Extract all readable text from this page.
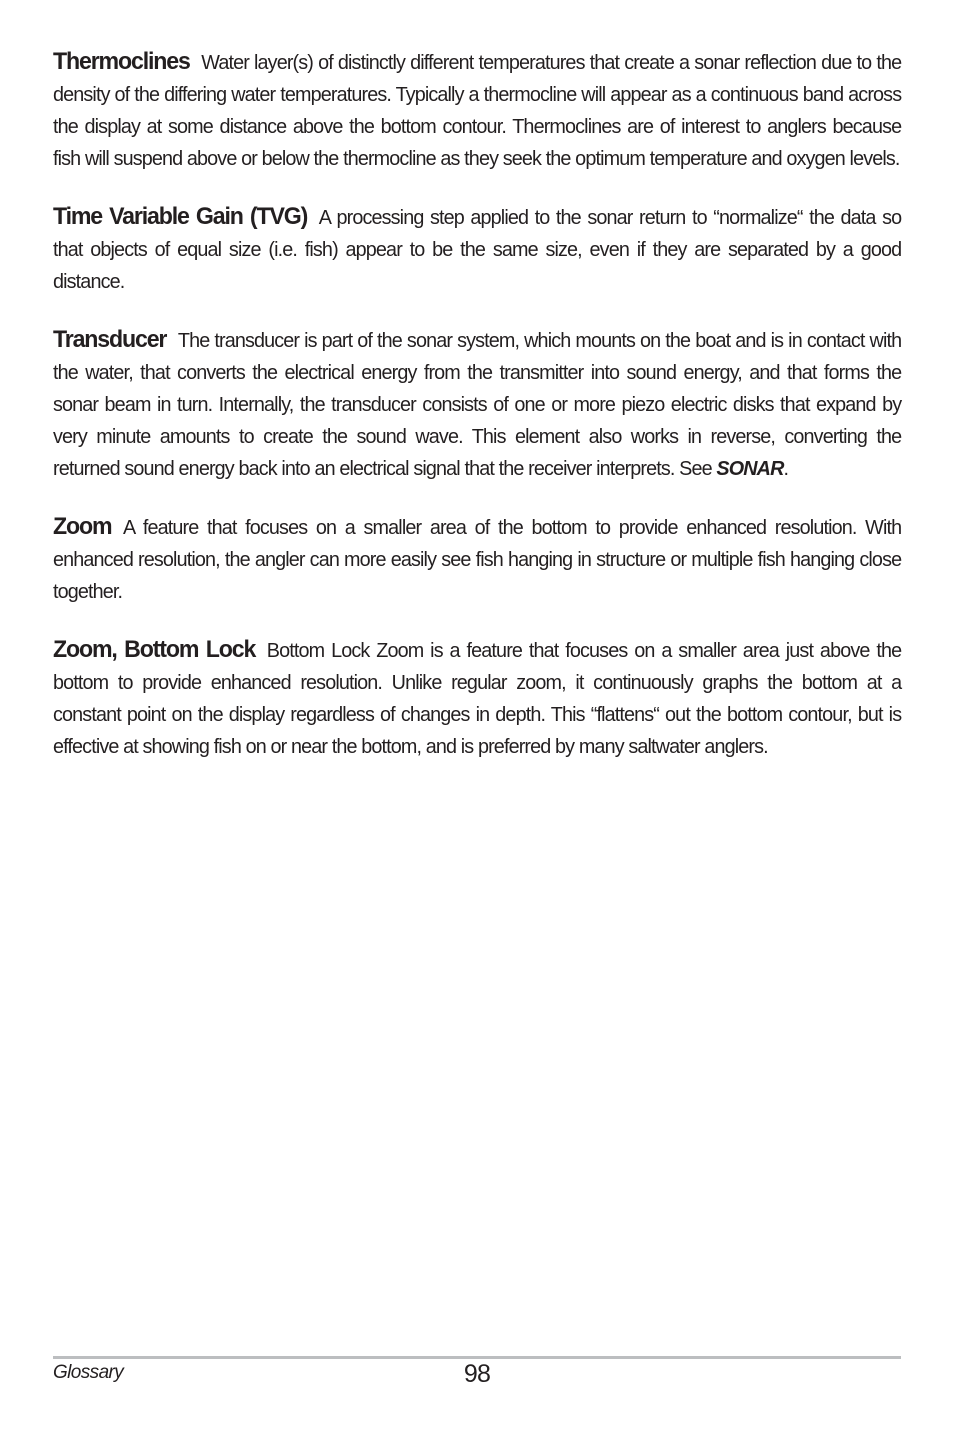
Thermoclines Water layer(s) of distinctly different temperatures that create a sonar reflection due to the density of the differing water temperatures. Typically a thermocline will appear as a continuous band across the display at some distance above the bottom contour. Thermoclines are of interest to anglers because fish will suspend above or below the thermocline as they seek the optimum temperature and oxygen levels.

Time Variable Gain (TVG) A processing step applied to the sonar return to “normalize“ the data so that objects of equal size (i.e. fish) appear to be the same size, even if they are separated by a good distance.

Transducer The transducer is part of the sonar system, which mounts on the boat and is in contact with the water, that converts the electrical energy from the transmitter into sound energy, and that forms the sonar beam in turn. Internally, the transducer consists of one or more piezo electric disks that expand by very minute amounts to create the sound wave. This element also works in reverse, converting the returned sound energy back into an electrical signal that the receiver interprets. See SONAR.

Zoom A feature that focuses on a smaller area of the bottom to provide enhanced resolution. With enhanced resolution, the angler can more easily see fish hanging in structure or multiple fish hanging close together.

Zoom, Bottom Lock Bottom Lock Zoom is a feature that focuses on a smaller area just above the bottom to provide enhanced resolution. Unlike regular zoom, it continuously graphs the bottom at a constant point on the display regardless of changes in depth. This “flattens“ out the bottom contour, but is effective at showing fish on or near the bottom, and is preferred by many saltwater anglers.

Glossary	98
